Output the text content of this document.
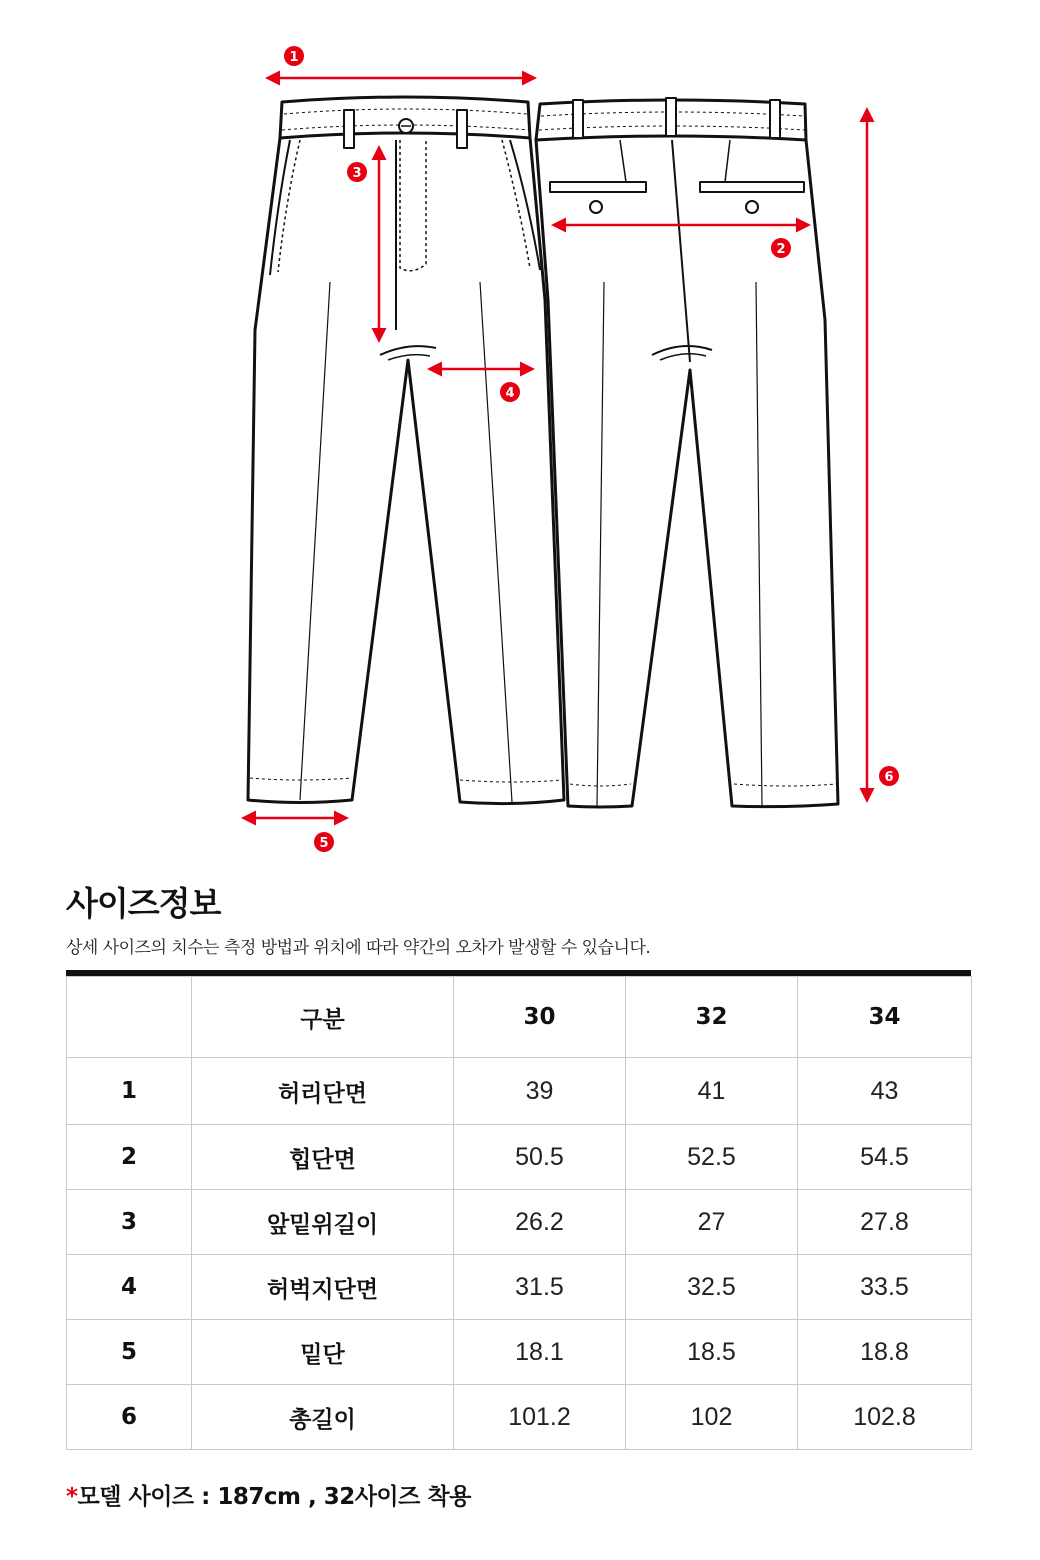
1
2
3
4
5
6
사이즈정보

상세 사이즈의 치수는 측정 방법과 위치에 따라 약간의 오차가 발생할 수 있습니다.

	구분	30	32	34
1	허리단면	39	41	43
2	힙단면	50.5	52.5	54.5
3	앞밑위길이	26.2	27	27.8
4	허벅지단면	31.5	32.5	33.5
5	밑단	18.1	18.5	18.8
6	총길이	101.2	102	102.8

*모델 사이즈 : 187cm , 32사이즈 착용
